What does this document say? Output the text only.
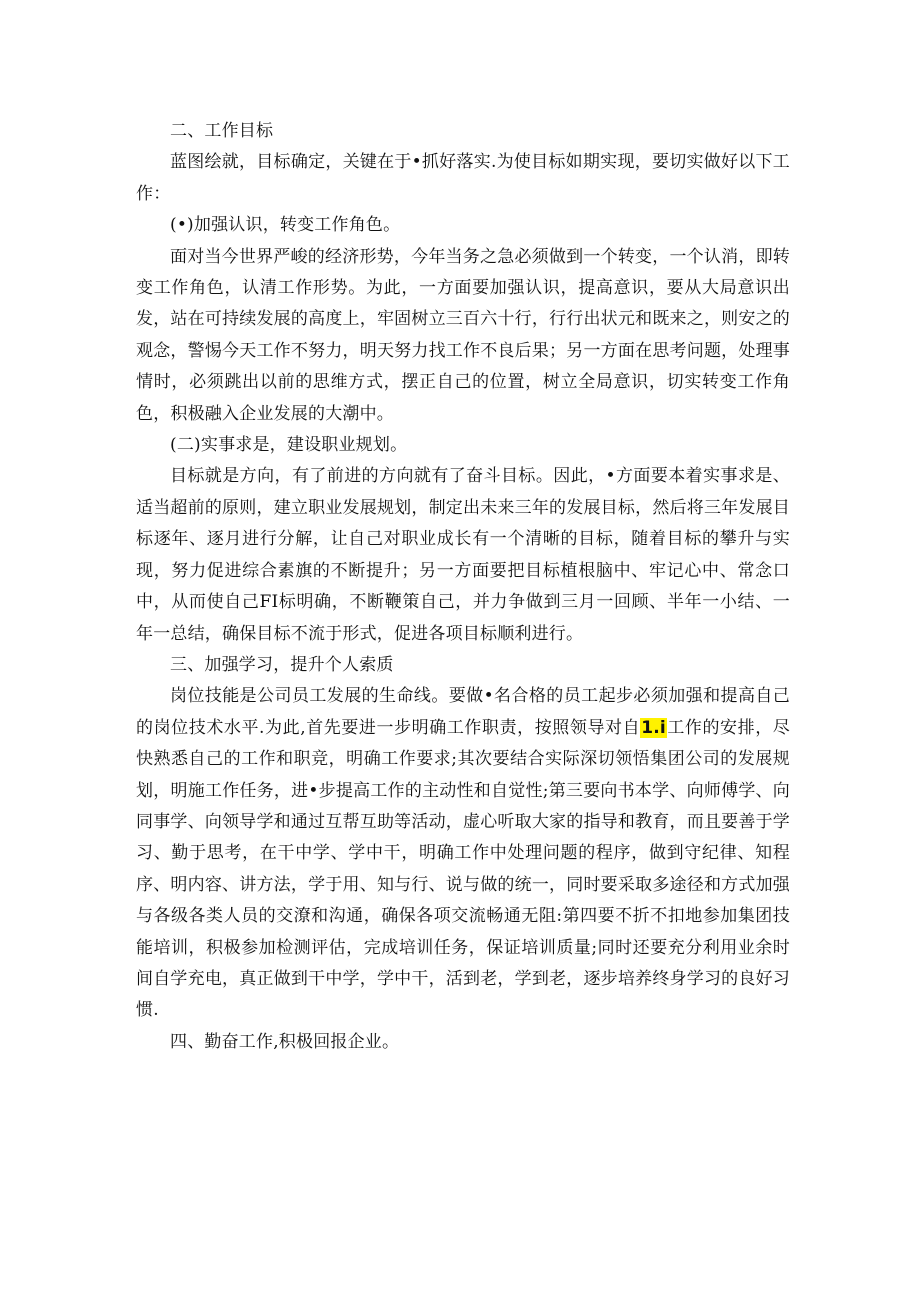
二、工作目标

蓝图绘就，目标确定，关键在于•抓好落实.为使目标如期实现，要切实做好以下工作：

(•)加强认识，转变工作角色。

面对当今世界严峻的经济形势，今年当务之急必须做到一个转变，一个认消，即转变工作角色，认清工作形势。为此，一方面要加强认识，提高意识，要从大局意识出发，站在可持续发展的高度上，牢固树立三百六十行，行行出状元和既来之，则安之的观念，警惕今天工作不努力，明天努力找工作不良后果；另一方面在思考问题，处理事情时，必须跳出以前的思维方式，摆正自己的位置，树立全局意识，切实转变工作角色，积极融入企业发展的大潮中。

(二)实事求是，建设职业规划。

目标就是方向，有了前进的方向就有了奋斗目标。因此，•方面要本着实事求是、适当超前的原则，建立职业发展规划，制定出未来三年的发展目标，然后将三年发展目标逐年、逐月进行分解，让自己对职业成长有一个清晰的目标，随着目标的攀升与实现，努力促进综合素旗的不断提升；另一方面要把目标植根脑中、牢记心中、常念口中，从而使自己FI标明确，不断鞭策自己，并力争做到三月一回顾、半年一小结、一年一总结，确保目标不流于形式，促进各项目标顺利进行。

三、加强学习，提升个人索质

岗位技能是公司员工发展的生命线。要做•名合格的员工起步必须加强和提高自己的岗位技术水平.为此,首先要进一步明确工作职责，按照领导对自1.i工作的安排，尽快熟悉自己的工作和职竞，明确工作要求;其次要结合实际深切领悟集团公司的发展规划，明施工作任务，进•步提高工作的主动性和自觉性;第三要向书本学、向师傅学、向同事学、向领导学和通过互帮互助等活动，虚心听取大家的指导和教育，而且要善于学习、勤于思考，在干中学、学中干，明确工作中处理问题的程序，做到守纪律、知程序、明内容、讲方法，学于用、知与行、说与做的统一，同时要采取多途径和方式加强与各级各类人员的交潦和沟通，确保各项交流畅通无阻:第四要不折不扣地参加集团技能培训，积极参加检测评估，完成培训任务，保证培训质量;同时还要充分利用业余时间自学充电，真正做到干中学，学中干，活到老，学到老，逐步培养终身学习的良好习惯.

四、勤奋工作,积极回报企业。
